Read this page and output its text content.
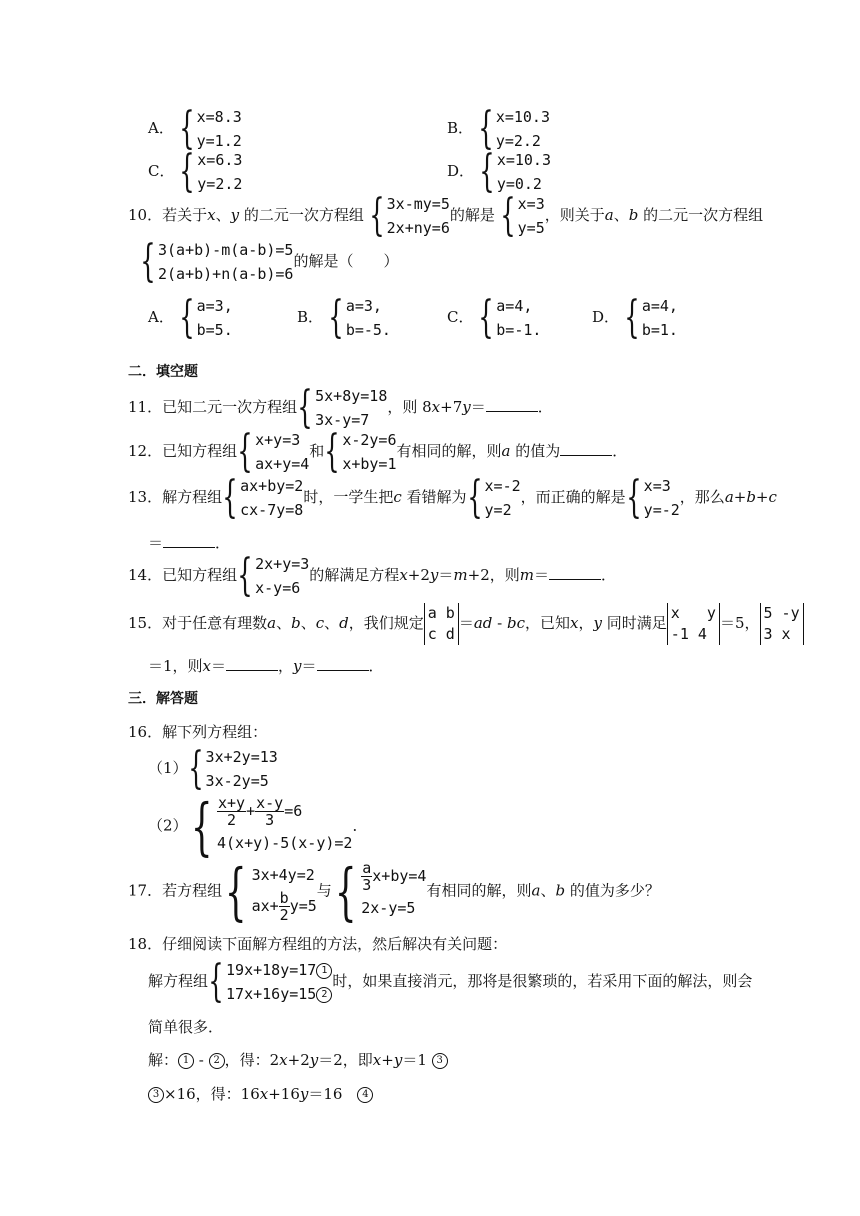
A． { x=8.3
y=1.2
B． { x=10.3
y=2.2
C． { x=6.3
y=2.2
D． { x=10.3
y=0.2
10．若关于x、y 的二元一次方程组 { 3x-my=5
2x+ny=6
的解是 { x=3
y=5
，则关于a、b 的二元一次方程组
{ 3(a+b)-m(a-b)=5
2(a+b)+n(a-b)=6
的解是（　　）
A． { a=3,
b=5.
B． { a=3,
b=-5.
C． { a=4,
b=-1.
D． { a=4,
b=1.
二．填空题
11．已知二元一次方程组 { 5x+8y=18
3x-y=7
，则 8x+7y＝	．
12．已知方程组 { x+y=3
ax+y=4
和 { x-2y=6
x+by=1
有相同的解，则a 的值为	．
13．解方程组 { ax+by=2
cx-7y=8
时，一学生把c 看错解为 { x=-2
y=2
，而正确的解是 { x=3
y=-2
，那么a+b+c
＝	．
14．已知方程组 { 2x+y=3
x-y=6
的解满足方程x+2y＝m+2，则m＝	．
15．对于任意有理数a、b、c、d，我们规定a b
c d＝ad - bc，已知x，y 同时满足x   y
-1 4＝5，5 -y
3 x
＝1，则x＝	，y＝	．
三．解答题
16．解下列方程组：
（1） { 3x+2y=13
3x-2y=5
（2） { $\frac{x+y}{2} + \frac{x-y}{3} =6$
4(x+y)-5(x-y)=2
．
17．若方程组 { 3x+4y=2
$ax+ \frac{b}{2} y=5$
与 { $\frac{a}{3} x+by=4$
2x-y=5
有相同的解，则a、b 的值为多少？
18．仔细阅读下面解方程组的方法，然后解决有关问题：
解方程组 { 19x+18y=17 1
17x+16y=15 2
时，如果直接消元，那将是很繁琐的，若采用下面的解法，则会
简单很多．
解： 1 - 2 ，得：2x+2y＝2，即x+y＝1 3
3 ×16，得：16x+16y＝16　4
